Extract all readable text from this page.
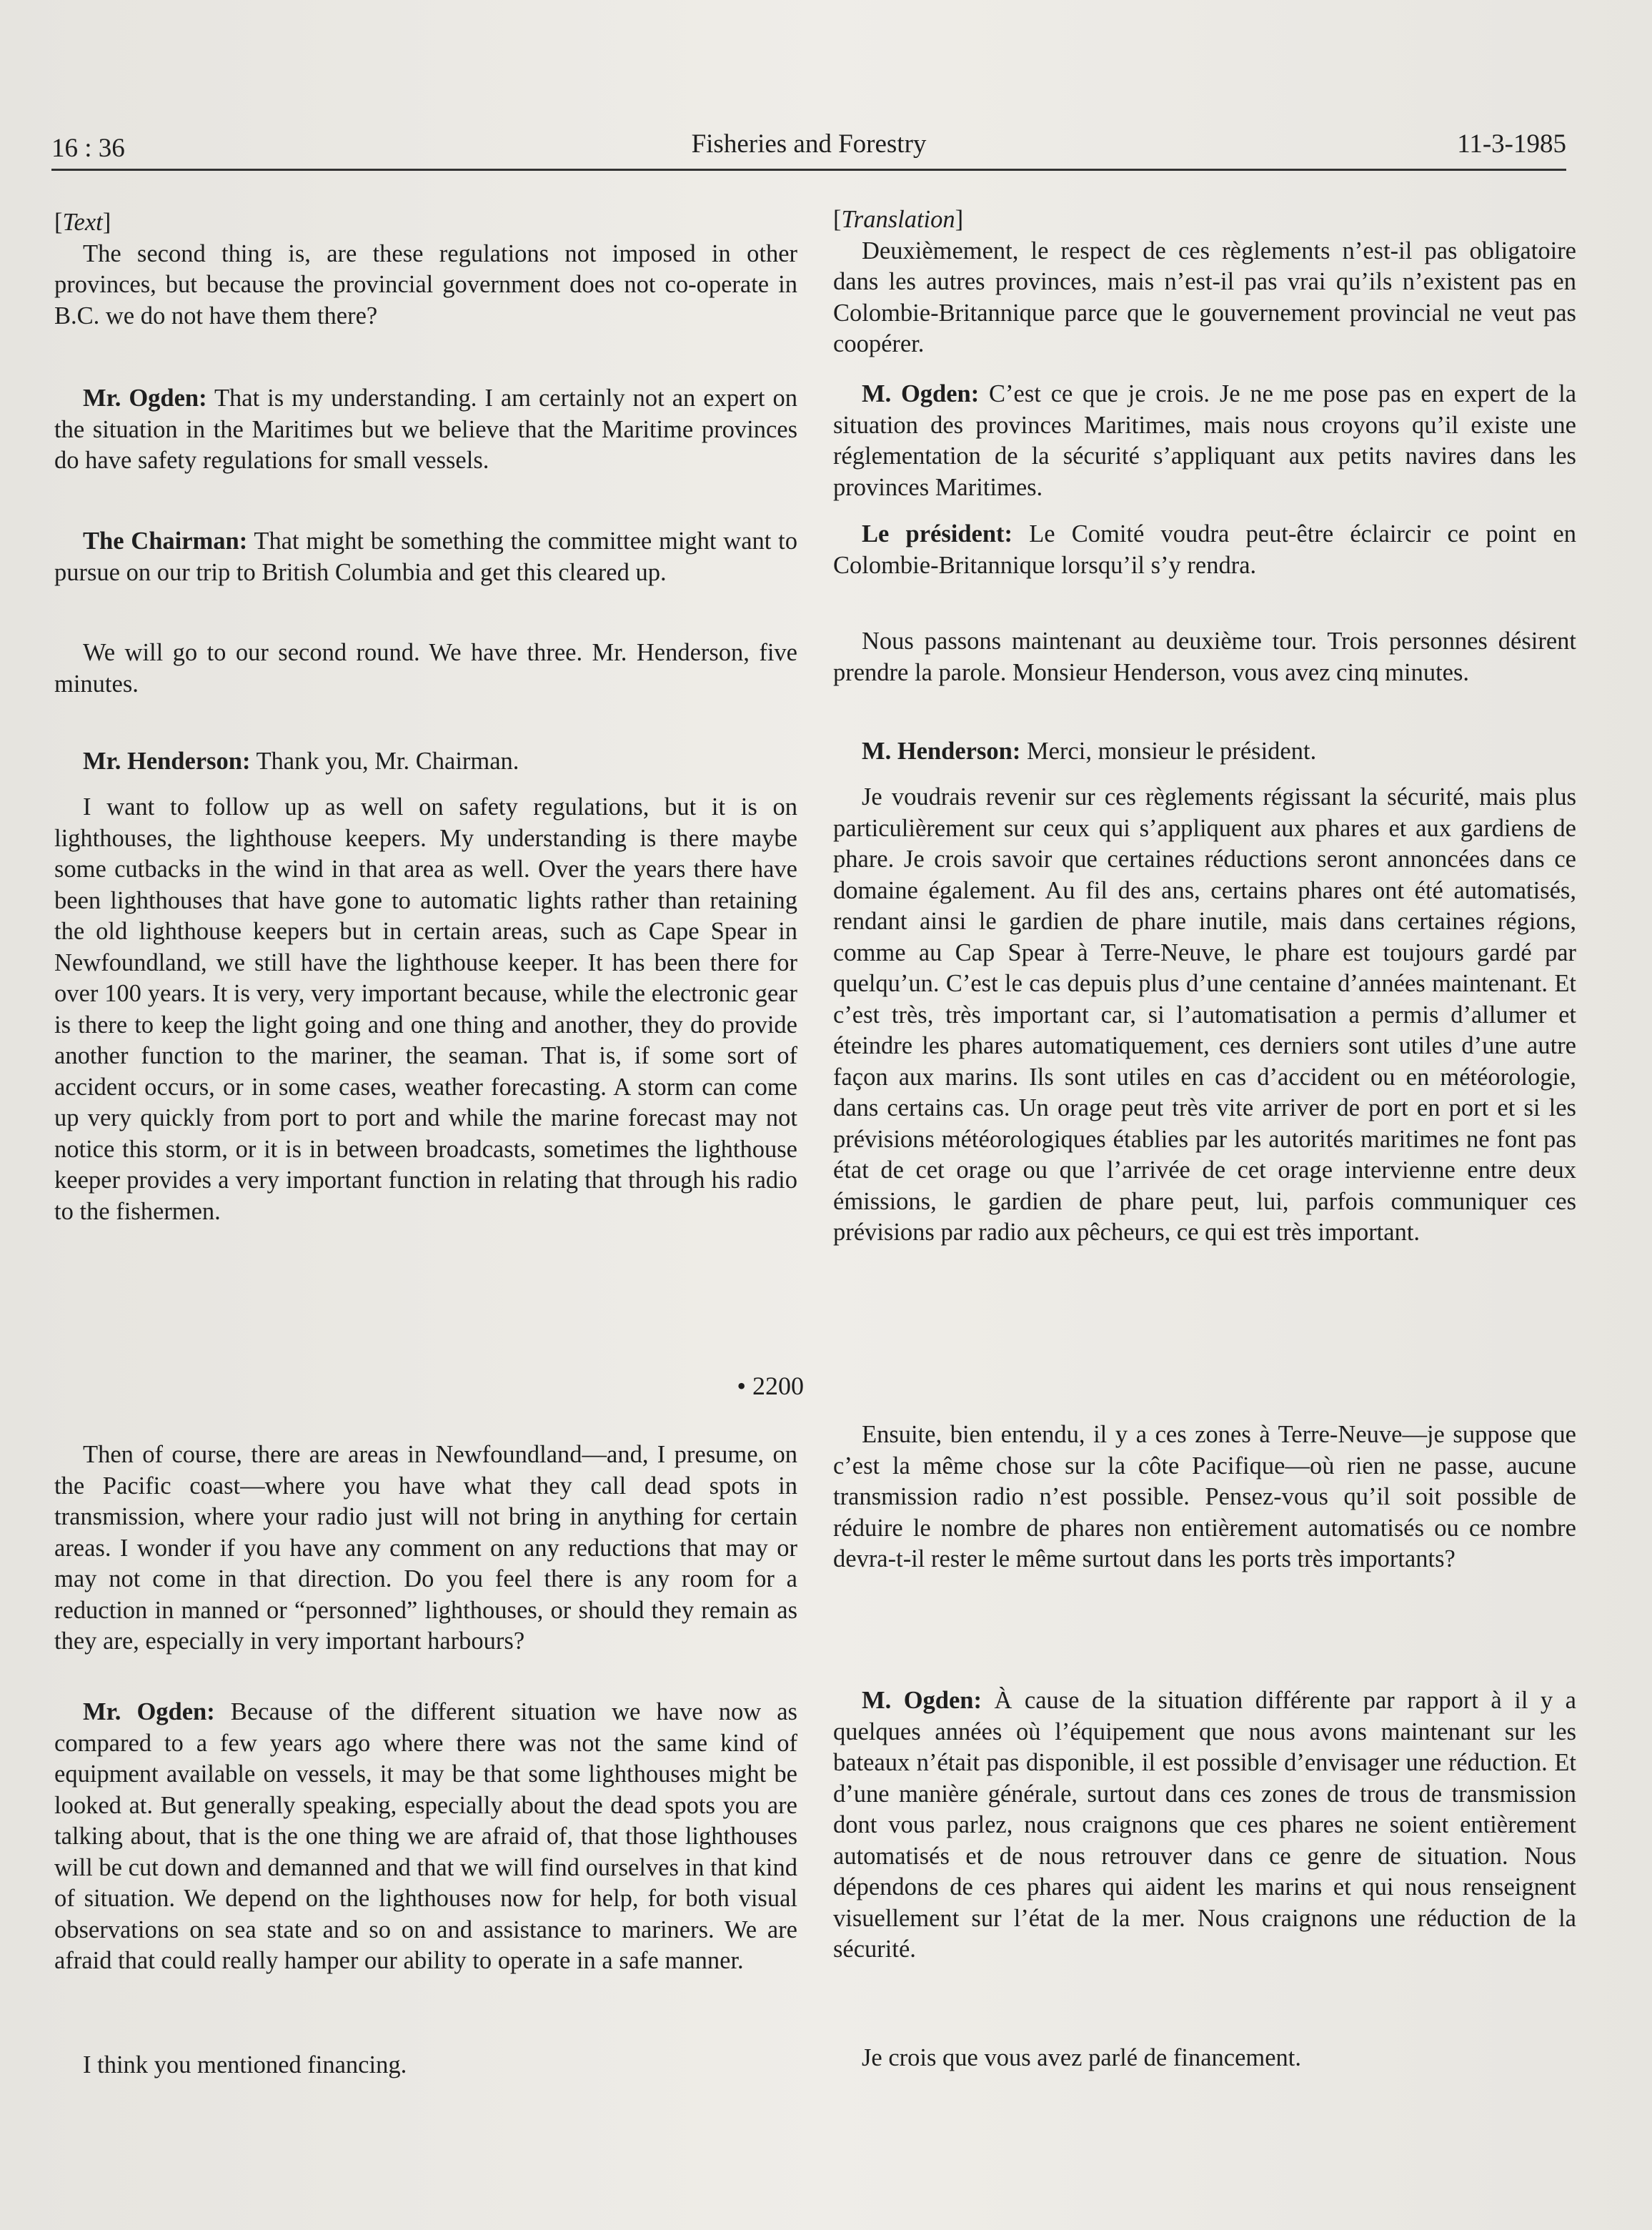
16 : 36	Fisheries and Forestry	11-3-1985

[Text]

The second thing is, are these regulations not imposed in other provinces, but because the provincial government does not co-operate in B.C. we do not have them there?

Mr. Ogden: That is my understanding. I am certainly not an expert on the situation in the Maritimes but we believe that the Maritime provinces do have safety regulations for small vessels.

The Chairman: That might be something the committee might want to pursue on our trip to British Columbia and get this cleared up.

We will go to our second round. We have three. Mr. Henderson, five minutes.

Mr. Henderson: Thank you, Mr. Chairman.

I want to follow up as well on safety regulations, but it is on lighthouses, the lighthouse keepers. My understanding is there maybe some cutbacks in the wind in that area as well. Over the years there have been lighthouses that have gone to automatic lights rather than retaining the old lighthouse keepers but in certain areas, such as Cape Spear in Newfoundland, we still have the lighthouse keeper. It has been there for over 100 years. It is very, very important because, while the electronic gear is there to keep the light going and one thing and another, they do provide another function to the mariner, the seaman. That is, if some sort of accident occurs, or in some cases, weather forecasting. A storm can come up very quickly from port to port and while the marine forecast may not notice this storm, or it is in between broadcasts, sometimes the lighthouse keeper provides a very important function in relating that through his radio to the fishermen.

• 2200

Then of course, there are areas in Newfoundland—and, I presume, on the Pacific coast—where you have what they call dead spots in transmission, where your radio just will not bring in anything for certain areas. I wonder if you have any comment on any reductions that may or may not come in that direction. Do you feel there is any room for a reduction in manned or “personned” lighthouses, or should they remain as they are, especially in very important harbours?

Mr. Ogden: Because of the different situation we have now as compared to a few years ago where there was not the same kind of equipment available on vessels, it may be that some lighthouses might be looked at. But generally speaking, especially about the dead spots you are talking about, that is the one thing we are afraid of, that those lighthouses will be cut down and demanned and that we will find ourselves in that kind of situation. We depend on the lighthouses now for help, for both visual observations on sea state and so on and assistance to mariners. We are afraid that could really hamper our ability to operate in a safe manner.

I think you mentioned financing.

[Translation]

Deuxièmement, le respect de ces règlements n’est-il pas obligatoire dans les autres provinces, mais n’est-il pas vrai qu’ils n’existent pas en Colombie-Britannique parce que le gouvernement provincial ne veut pas coopérer.

M. Ogden: C’est ce que je crois. Je ne me pose pas en expert de la situation des provinces Maritimes, mais nous croyons qu’il existe une réglementation de la sécurité s’appliquant aux petits navires dans les provinces Maritimes.

Le président: Le Comité voudra peut-être éclaircir ce point en Colombie-Britannique lorsqu’il s’y rendra.

Nous passons maintenant au deuxième tour. Trois personnes désirent prendre la parole. Monsieur Henderson, vous avez cinq minutes.

M. Henderson: Merci, monsieur le président.

Je voudrais revenir sur ces règlements régissant la sécurité, mais plus particulièrement sur ceux qui s’appliquent aux phares et aux gardiens de phare. Je crois savoir que certaines réductions seront annoncées dans ce domaine également. Au fil des ans, certains phares ont été automatisés, rendant ainsi le gardien de phare inutile, mais dans certaines régions, comme au Cap Spear à Terre-Neuve, le phare est toujours gardé par quelqu’un. C’est le cas depuis plus d’une centaine d’années maintenant. Et c’est très, très important car, si l’automatisation a permis d’allumer et éteindre les phares automatiquement, ces derniers sont utiles d’une autre façon aux marins. Ils sont utiles en cas d’accident ou en météorologie, dans certains cas. Un orage peut très vite arriver de port en port et si les prévisions météorologiques établies par les autorités maritimes ne font pas état de cet orage ou que l’arrivée de cet orage intervienne entre deux émissions, le gardien de phare peut, lui, parfois communiquer ces prévisions par radio aux pêcheurs, ce qui est très important.

Ensuite, bien entendu, il y a ces zones à Terre-Neuve—je suppose que c’est la même chose sur la côte Pacifique—où rien ne passe, aucune transmission radio n’est possible. Pensez-vous qu’il soit possible de réduire le nombre de phares non entièrement automatisés ou ce nombre devra-t-il rester le même surtout dans les ports très importants?

M. Ogden: À cause de la situation différente par rapport à il y a quelques années où l’équipement que nous avons maintenant sur les bateaux n’était pas disponible, il est possible d’envisager une réduction. Et d’une manière générale, surtout dans ces zones de trous de transmission dont vous parlez, nous craignons que ces phares ne soient entièrement automatisés et de nous retrouver dans ce genre de situation. Nous dépendons de ces phares qui aident les marins et qui nous renseignent visuellement sur l’état de la mer. Nous craignons une réduction de la sécurité.

Je crois que vous avez parlé de financement.
